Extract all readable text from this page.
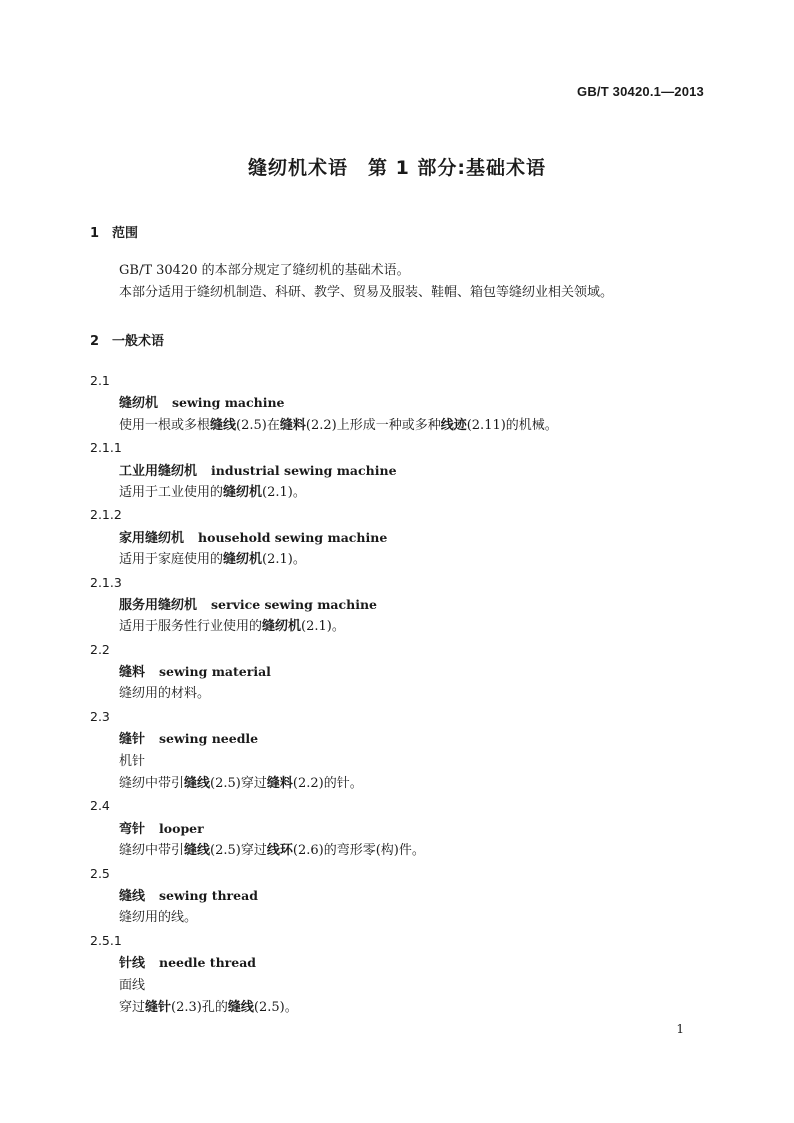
GB/T 30420.1—2013
缝纫机术语　第 1 部分:基础术语
1 范围
GB/T 30420 的本部分规定了缝纫机的基础术语。
本部分适用于缝纫机制造、科研、教学、贸易及服装、鞋帽、箱包等缝纫业相关领域。
2 一般术语
2.1
缝纫机 sewing machine
使用一根或多根缝线(2.5)在缝料(2.2)上形成一种或多种线迹(2.11)的机械。
2.1.1
工业用缝纫机 industrial sewing machine
适用于工业使用的缝纫机(2.1)。
2.1.2
家用缝纫机 household sewing machine
适用于家庭使用的缝纫机(2.1)。
2.1.3
服务用缝纫机 service sewing machine
适用于服务性行业使用的缝纫机(2.1)。
2.2
缝料 sewing material
缝纫用的材料。
2.3
缝针 sewing needle
机针
缝纫中带引缝线(2.5)穿过缝料(2.2)的针。
2.4
弯针 looper
缝纫中带引缝线(2.5)穿过线环(2.6)的弯形零(构)件。
2.5
缝线 sewing thread
缝纫用的线。
2.5.1
针线 needle thread
面线
穿过缝针(2.3)孔的缝线(2.5)。
1
